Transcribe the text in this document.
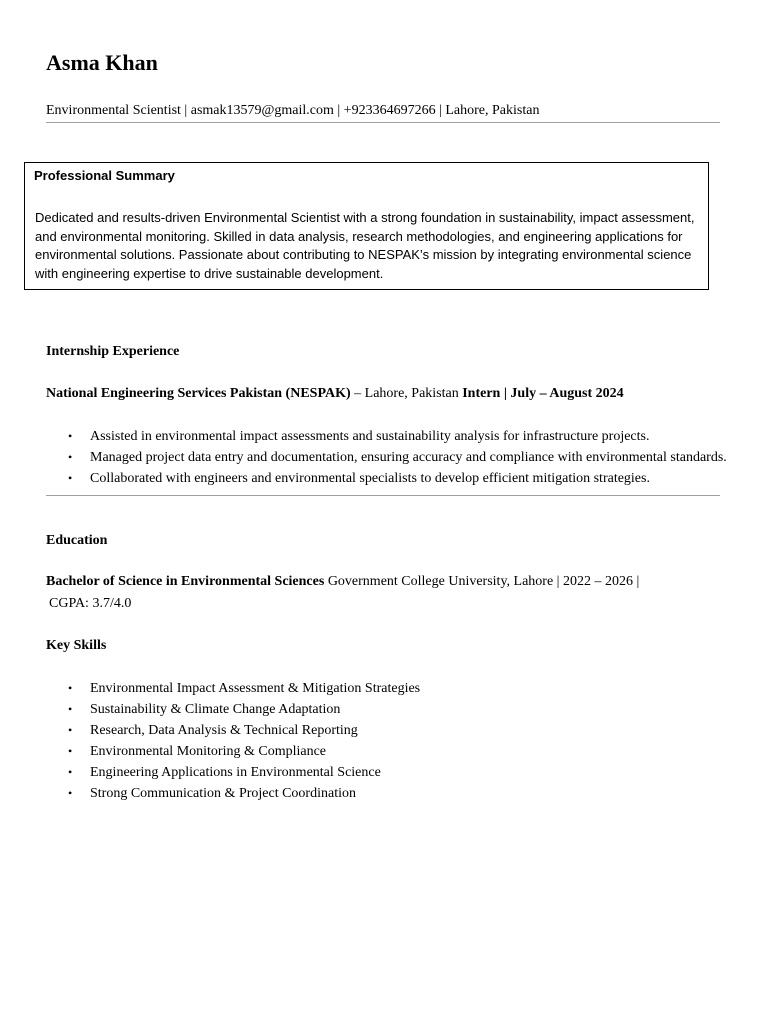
Asma Khan

Environmental Scientist | asmak13579@gmail.com | +923364697266 | Lahore, Pakistan

Professional Summary

Dedicated and results-driven Environmental Scientist with a strong foundation in sustainability, impact assessment, and environmental monitoring. Skilled in data analysis, research methodologies, and engineering applications for environmental solutions. Passionate about contributing to NESPAK’s mission by integrating environmental science with engineering expertise to drive sustainable development.

Internship Experience

National Engineering Services Pakistan (NESPAK) – Lahore, Pakistan Intern | July – August 2024

• Assisted in environmental impact assessments and sustainability analysis for infrastructure projects.
• Managed project data entry and documentation, ensuring accuracy and compliance with environmental standards.
• Collaborated with engineers and environmental specialists to develop efficient mitigation strategies.

Education

Bachelor of Science in Environmental Sciences Government College University, Lahore | 2022 – 2026 |

CGPA: 3.7/4.0

Key Skills

• Environmental Impact Assessment & Mitigation Strategies
• Sustainability & Climate Change Adaptation
• Research, Data Analysis & Technical Reporting
• Environmental Monitoring & Compliance
• Engineering Applications in Environmental Science
• Strong Communication & Project Coordination
